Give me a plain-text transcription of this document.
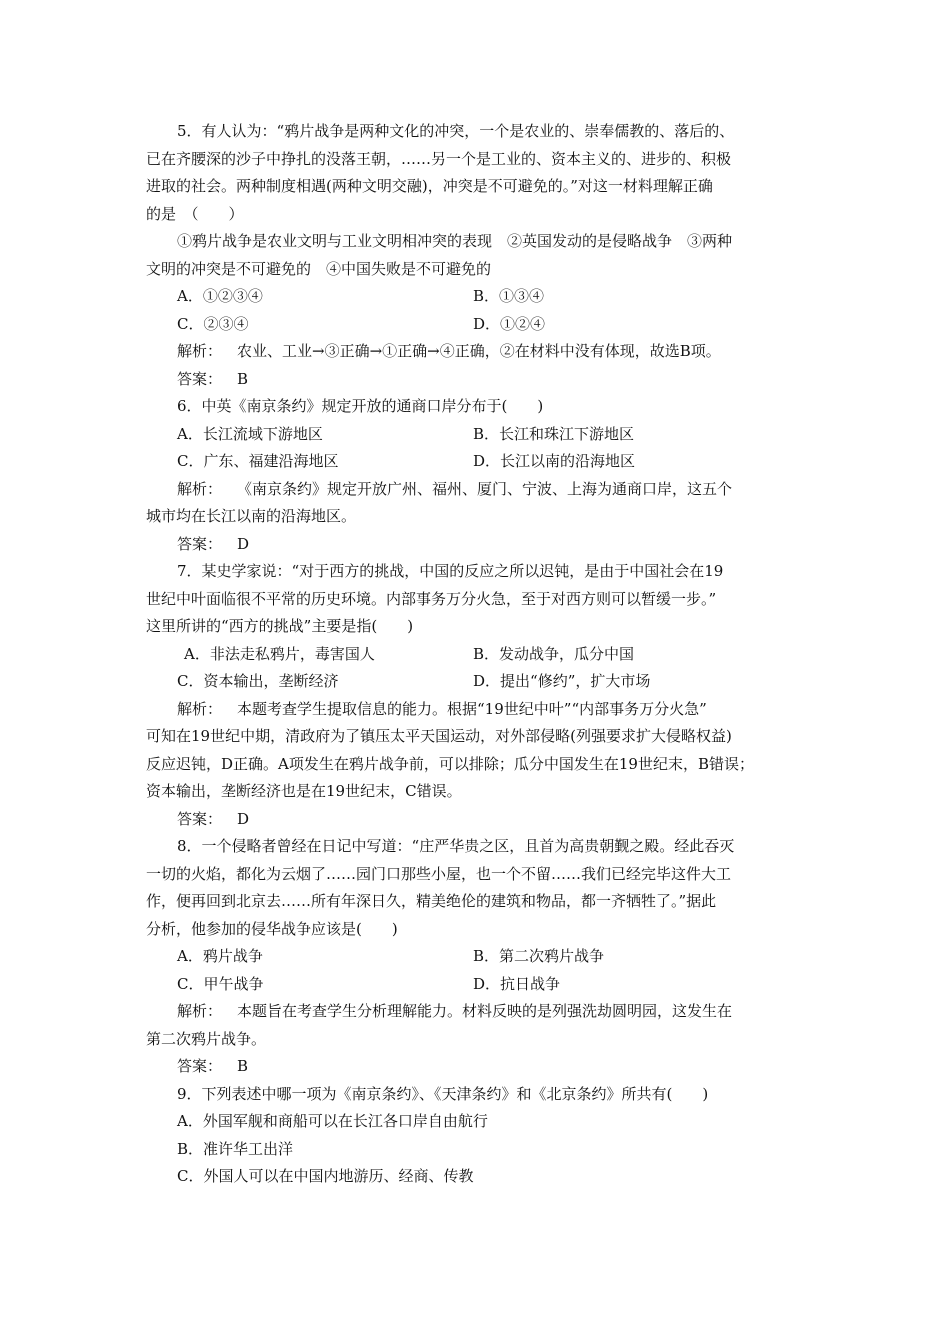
5．有人认为：“鸦片战争是两种文化的冲突，一个是农业的、崇奉儒教的、落后的、
已在齐腰深的沙子中挣扎的没落王朝，……另一个是工业的、资本主义的、进步的、积极
进取的社会。两种制度相遇(两种文明交融)，冲突是不可避免的。”对这一材料理解正确
的是　（　　）
①鸦片战争是农业文明与工业文明相冲突的表现　②英国发动的是侵略战争　③两种
文明的冲突是不可避免的　④中国失败是不可避免的
A．①②③④	B．①③④
C．②③④	D．①②④
解析：  农业、工业→③正确→①正确→④正确，②在材料中没有体现，故选B项。
答案：  B
6．中英《南京条约》规定开放的通商口岸分布于(　　)
A．长江流域下游地区	B．长江和珠江下游地区
C．广东、福建沿海地区	D．长江以南的沿海地区
解析：  《南京条约》规定开放广州、福州、厦门、宁波、上海为通商口岸，这五个
城市均在长江以南的沿海地区。
答案：  D
7．某史学家说：“对于西方的挑战，中国的反应之所以迟钝，是由于中国社会在19
世纪中叶面临很不平常的历史环境。内部事务万分火急，至于对西方则可以暂缓一步。”
这里所讲的“西方的挑战”主要是指(　　)
A．非法走私鸦片，毒害国人	B．发动战争，瓜分中国
C．资本输出，垄断经济	D．提出“修约”，扩大市场
解析：  本题考查学生提取信息的能力。根据“19世纪中叶”“内部事务万分火急”
可知在19世纪中期，清政府为了镇压太平天国运动，对外部侵略(列强要求扩大侵略权益)
反应迟钝，D正确。A项发生在鸦片战争前，可以排除；瓜分中国发生在19世纪末，B错误；
资本输出，垄断经济也是在19世纪末，C错误。
答案：  D
8．一个侵略者曾经在日记中写道：“庄严华贵之区，且首为高贵朝觐之殿。经此吞灭
一切的火焰，都化为云烟了……园门口那些小屋，也一个不留……我们已经完毕这件大工
作，便再回到北京去……所有年深日久，精美绝伦的建筑和物品，都一齐牺牲了。”据此
分析，他参加的侵华战争应该是(　　)
A．鸦片战争	B．第二次鸦片战争
C．甲午战争	D．抗日战争
解析：  本题旨在考查学生分析理解能力。材料反映的是列强洗劫圆明园，这发生在
第二次鸦片战争。
答案：  B
9．下列表述中哪一项为《南京条约》、《天津条约》和《北京条约》所共有(　　)
A．外国军舰和商船可以在长江各口岸自由航行
B．准许华工出洋
C．外国人可以在中国内地游历、经商、传教
